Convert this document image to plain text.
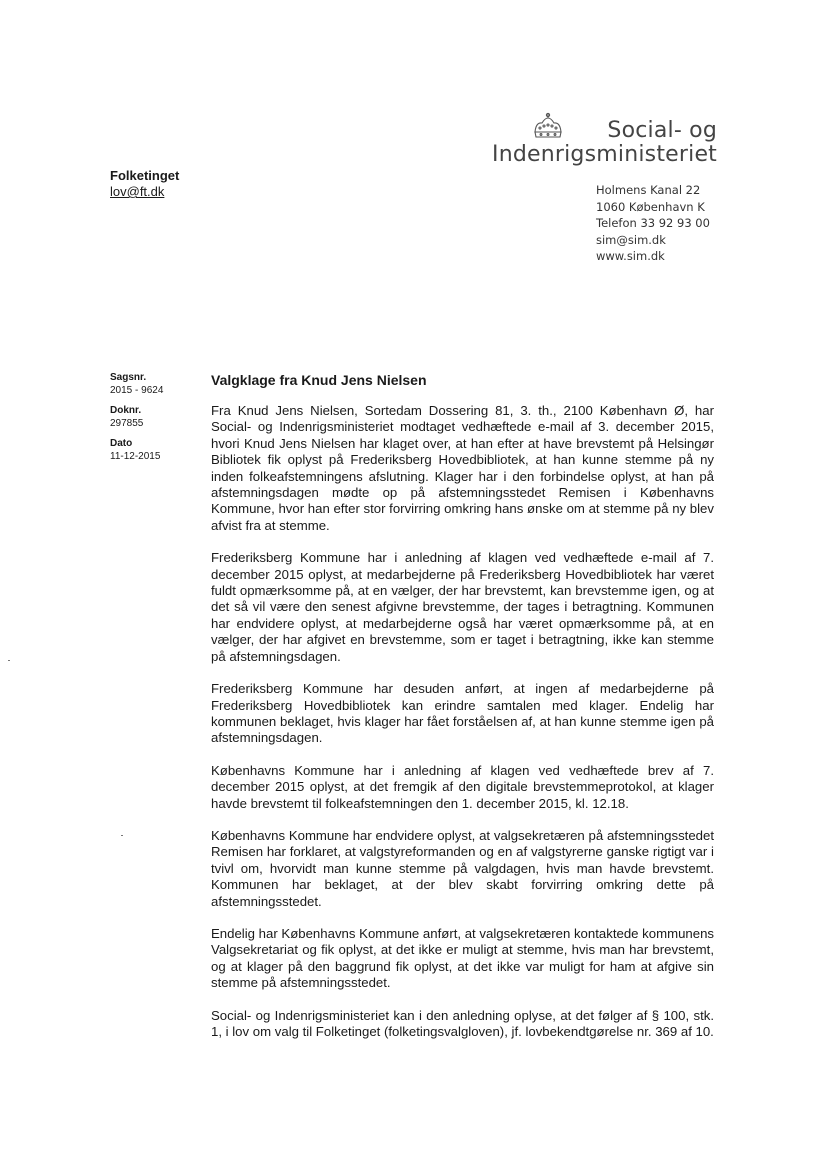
Social- og
Indenrigsministeriet
Holmens Kanal 22
1060 København K
Telefon 33 92 93 00
sim@sim.dk
www.sim.dk
Folketinget
lov@ft.dk
Sagsnr.
2015 - 9624
Doknr.
297855
Dato
11-12-2015
Valgklage fra Knud Jens Nielsen

Fra Knud Jens Nielsen, Sortedam Dossering 81, 3. th., 2100 København Ø, har Social- og Indenrigsministeriet modtaget vedhæftede e-mail af 3. december 2015, hvori Knud Jens Nielsen har klaget over, at han efter at have brevstemt på Helsingør Bibliotek fik oplyst på Frederiksberg Hovedbibliotek, at han kunne stemme på ny inden folkeafstemningens afslutning. Klager har i den forbindelse oplyst, at han på afstemningsdagen mødte op på afstemningsstedet Remisen i Københavns Kommune, hvor han efter stor forvirring omkring hans ønske om at stemme på ny blev afvist fra at stemme.

Frederiksberg Kommune har i anledning af klagen ved vedhæftede e-mail af 7. december 2015 oplyst, at medarbejderne på Frederiksberg Hovedbibliotek har været fuldt opmærksomme på, at en vælger, der har brevstemt, kan brevstemme igen, og at det så vil være den senest afgivne brevstemme, der tages i betragtning. Kommunen har endvidere oplyst, at medarbejderne også har været opmærksomme på, at en vælger, der har afgivet en brevstemme, som er taget i betragtning, ikke kan stemme på afstemningsdagen.

Frederiksberg Kommune har desuden anført, at ingen af medarbejderne på Frederiksberg Hovedbibliotek kan erindre samtalen med klager. Endelig har kommunen beklaget, hvis klager har fået forståelsen af, at han kunne stemme igen på afstemningsdagen.

Københavns Kommune har i anledning af klagen ved vedhæftede brev af 7. december 2015 oplyst, at det fremgik af den digitale brevstemmeprotokol, at klager havde brevstemt til folkeafstemningen den 1. december 2015, kl. 12.18.

Københavns Kommune har endvidere oplyst, at valgsekretæren på afstemningsstedet Remisen har forklaret, at valgstyreformanden og en af valgstyrerne ganske rigtigt var i tvivl om, hvorvidt man kunne stemme på valgdagen, hvis man havde brevstemt. Kommunen har beklaget, at der blev skabt forvirring omkring dette på afstemningsstedet.

Endelig har Københavns Kommune anført, at valgsekretæren kontaktede kommunens Valgsekretariat og fik oplyst, at det ikke er muligt at stemme, hvis man har brevstemt, og at klager på den baggrund fik oplyst, at det ikke var muligt for ham at afgive sin stemme på afstemningsstedet.

Social- og Indenrigsministeriet kan i den anledning oplyse, at det følger af § 100, stk. 1, i lov om valg til Folketinget (folketingsvalgloven), jf. lovbekendtgørelse nr. 369 af 10.
